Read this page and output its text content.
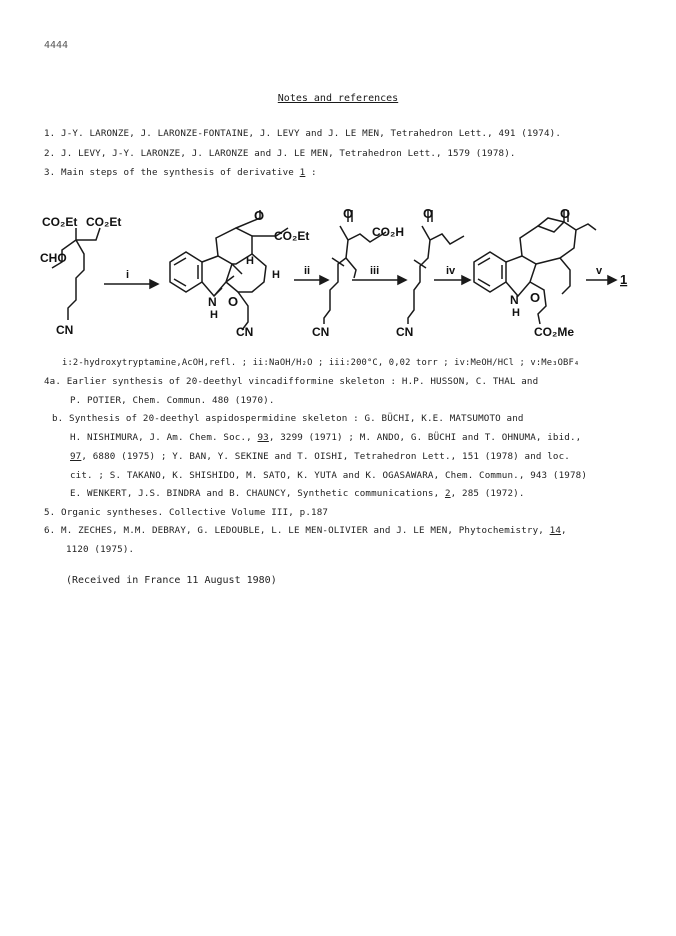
4444
Notes and references
1. J-Y. LARONZE, J. LARONZE-FONTAINE, J. LEVY and J. LE MEN, Tetrahedron Lett., 491 (1974).
2. J. LEVY, J-Y. LARONZE, J. LARONZE and J. LE MEN, Tetrahedron Lett., 1579 (1978).
3. Main steps of the synthesis of derivative 1 :
CO₂Et CO₂Et
CHO
CN
i
O
CO₂Et
H
H
N
H
O
CN
ii
O
CO₂H
CN
iii
O
CN
iv
O
N
H
O
CO₂Me
v
1
i:2-hydroxytryptamine,AcOH,refl. ; ii:NaOH/H₂O ; iii:200°C, 0,02 torr ; iv:MeOH/HCl ; v:Me₃OBF₄
4a. Earlier synthesis of 20-deethyl vincadifformine skeleton : H.P. HUSSON, C. THAL and
P. POTIER, Chem. Commun. 480 (1970).
b. Synthesis of 20-deethyl aspidospermidine skeleton : G. BÜCHI, K.E. MATSUMOTO and
H. NISHIMURA, J. Am. Chem. Soc., 93, 3299 (1971) ; M. ANDO, G. BÜCHI and T. OHNUMA, ibid.,
97, 6880 (1975) ; Y. BAN, Y. SEKINE and T. OISHI, Tetrahedron Lett., 151 (1978) and loc.
cit. ; S. TAKANO, K. SHISHIDO, M. SATO, K. YUTA and K. OGASAWARA, Chem. Commun., 943 (1978)
E. WENKERT, J.S. BINDRA and B. CHAUNCY, Synthetic communications, 2, 285 (1972).
5. Organic syntheses. Collective Volume III, p.187
6. M. ZECHES, M.M. DEBRAY, G. LEDOUBLE, L. LE MEN-OLIVIER and J. LE MEN, Phytochemistry, 14,
1120 (1975).
(Received in France 11 August 1980)
